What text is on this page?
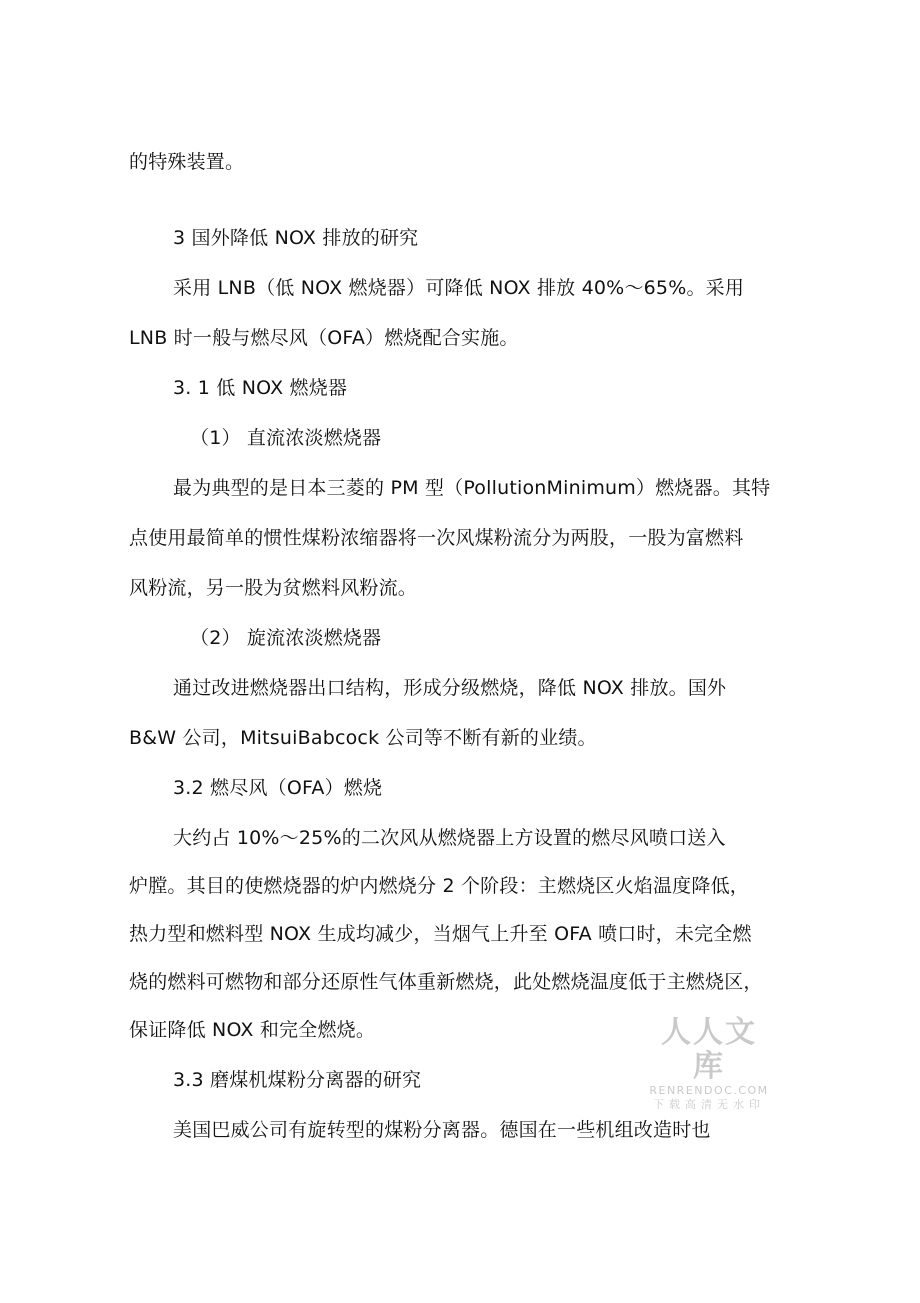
的特殊装置。
3 国外降低 NOX 排放的研究
采用 LNB（低 NOX 燃烧器）可降低 NOX 排放 40%〜65%。采用
LNB 时一般与燃尽风（OFA）燃烧配合实施。
3. 1 低 NOX 燃烧器
（1） 直流浓淡燃烧器
最为典型的是日本三菱的 PM 型（PollutionMinimum）燃烧器。其特
点使用最简单的惯性煤粉浓缩器将一次风煤粉流分为两股，一股为富燃料
风粉流，另一股为贫燃料风粉流。
（2） 旋流浓淡燃烧器
通过改进燃烧器出口结构，形成分级燃烧，降低 NOX 排放。国外
B&W 公司，MitsuiBabcock 公司等不断有新的业绩。
3.2 燃尽风（OFA）燃烧
大约占 10%〜25%的二次风从燃烧器上方设置的燃尽风喷口送入
炉膛。其目的使燃烧器的炉内燃烧分 2 个阶段：主燃烧区火焰温度降低，
热力型和燃料型 NOX 生成均减少，当烟气上升至 OFA 喷口时，未完全燃
烧的燃料可燃物和部分还原性气体重新燃烧，此处燃烧温度低于主燃烧区，
保证降低 NOX 和完全燃烧。
3.3 磨煤机煤粉分离器的研究
美国巴威公司有旋转型的煤粉分离器。德国在一些机组改造时也
人人文库
RENRENDOC.COM
下载高清无水印
